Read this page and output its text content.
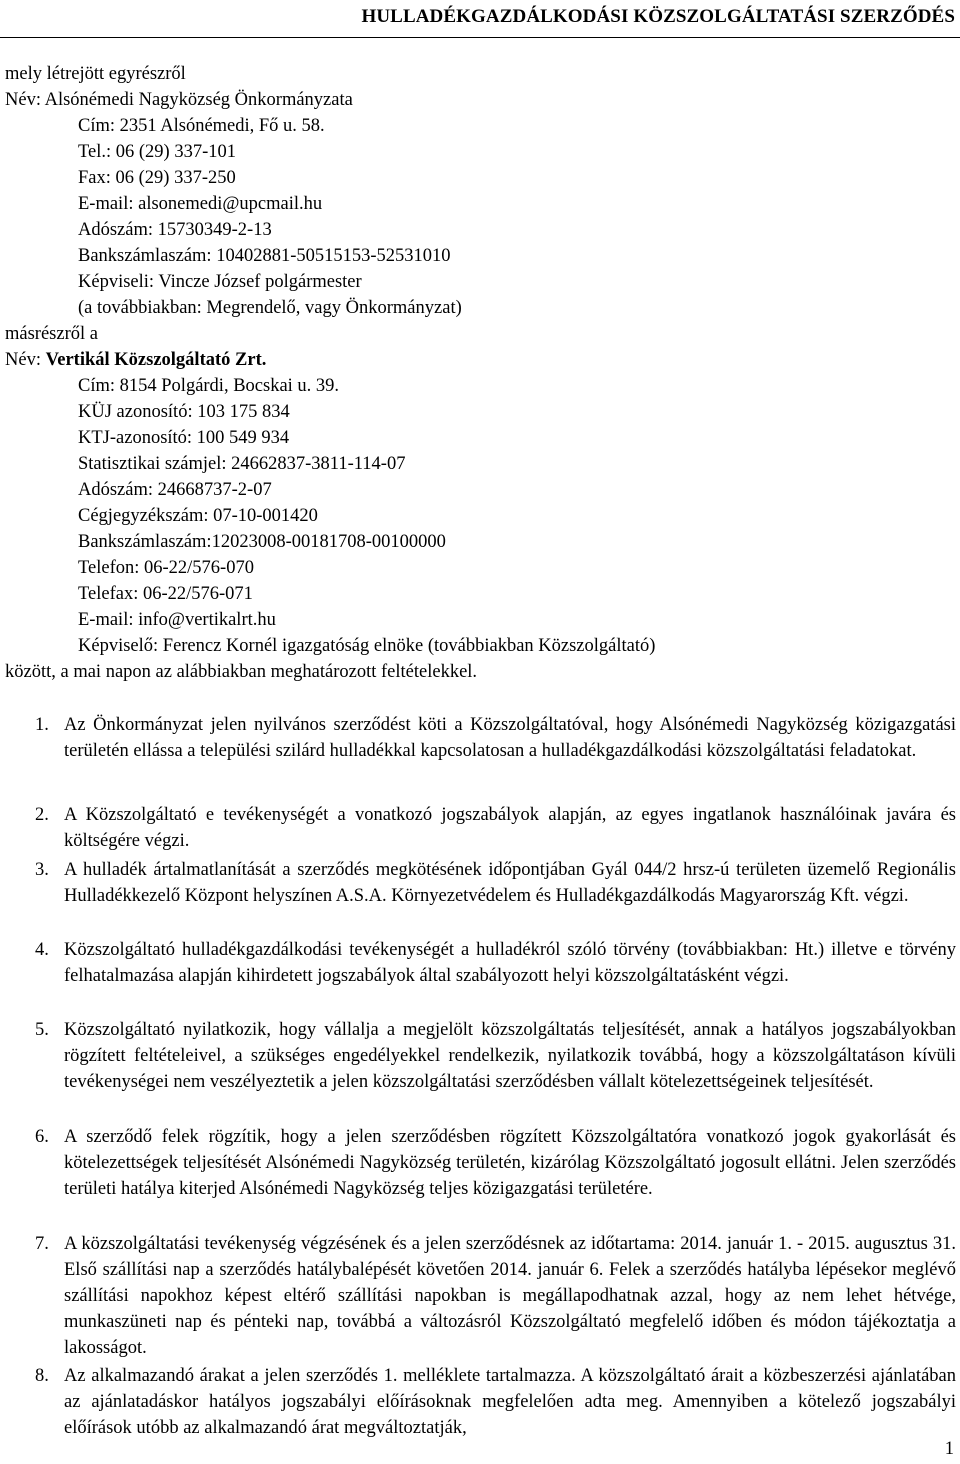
HULLADÉKGAZDÁLKODÁSI KÖZSZOLGÁLTATÁSI SZERZŐDÉS
mely létrejött egyrészről
Név: Alsónémedi Nagyközség Önkormányzata
Cím: 2351 Alsónémedi, Fő u. 58.
Tel.: 06 (29) 337-101
Fax: 06 (29) 337-250
E-mail: alsonemedi@upcmail.hu
Adószám: 15730349-2-13
Bankszámlaszám: 10402881-50515153-52531010
Képviseli: Vincze József polgármester
(a továbbiakban: Megrendelő, vagy Önkormányzat)
másrészről a
Név: Vertikál Közszolgáltató Zrt.
Cím: 8154 Polgárdi, Bocskai u. 39.
KÜJ azonosító: 103 175 834
KTJ-azonosító: 100 549 934
Statisztikai számjel: 24662837-3811-114-07
Adószám: 24668737-2-07
Cégjegyzékszám: 07-10-001420
Bankszámlaszám:12023008-00181708-00100000
Telefon: 06-22/576-070
Telefax: 06-22/576-071
E-mail: info@vertikalrt.hu
Képviselő: Ferencz Kornél igazgatóság elnöke (továbbiakban Közszolgáltató)
között, a mai napon az alábbiakban meghatározott feltételekkel.
1. Az Önkormányzat jelen nyilvános szerződést köti a Közszolgáltatóval, hogy Alsónémedi Nagyközség közigazgatási területén ellássa a települési szilárd hulladékkal kapcsolatosan a hulladékgazdálkodási közszolgáltatási feladatokat.
2. A Közszolgáltató e tevékenységét a vonatkozó jogszabályok alapján, az egyes ingatlanok használóinak javára és költségére végzi.
3. A hulladék ártalmatlanítását a szerződés megkötésének időpontjában Gyál 044/2 hrsz-ú területen üzemelő Regionális Hulladékkezelő Központ helyszínen A.S.A. Környezetvédelem és Hulladékgazdálkodás Magyarország Kft. végzi.
4. Közszolgáltató hulladékgazdálkodási tevékenységét a hulladékról szóló törvény (továbbiakban: Ht.) illetve e törvény felhatalmazása alapján kihirdetett jogszabályok által szabályozott helyi közszolgáltatásként végzi.
5. Közszolgáltató nyilatkozik, hogy vállalja a megjelölt közszolgáltatás teljesítését, annak a hatályos jogszabályokban rögzített feltételeivel, a szükséges engedélyekkel rendelkezik, nyilatkozik továbbá, hogy a közszolgáltatáson kívüli tevékenységei nem veszélyeztetik a jelen közszolgáltatási szerződésben vállalt kötelezettségeinek teljesítését.
6. A szerződő felek rögzítik, hogy a jelen szerződésben rögzített Közszolgáltatóra vonatkozó jogok gyakorlását és kötelezettségek teljesítését Alsónémedi Nagyközség területén, kizárólag Közszolgáltató jogosult ellátni. Jelen szerződés területi hatálya kiterjed Alsónémedi Nagyközség teljes közigazgatási területére.
7. A közszolgáltatási tevékenység végzésének és a jelen szerződésnek az időtartama: 2014. január 1. - 2015. augusztus 31. Első szállítási nap a szerződés hatálybalépését követően 2014. január 6. Felek a szerződés hatályba lépésekor meglévő szállítási napokhoz képest eltérő szállítási napokban is megállapodhatnak azzal, hogy az nem lehet hétvége, munkaszüneti nap és pénteki nap, továbbá a változásról Közszolgáltató megfelelő időben és módon tájékoztatja a lakosságot.
8. Az alkalmazandó árakat a jelen szerződés 1. melléklete tartalmazza. A közszolgáltató árait a közbeszerzési ajánlatában az ajánlatadáskor hatályos jogszabályi előírásoknak megfelelően adta meg. Amennyiben a kötelező jogszabályi előírások utóbb az alkalmazandó árat megváltoztatják,
1
